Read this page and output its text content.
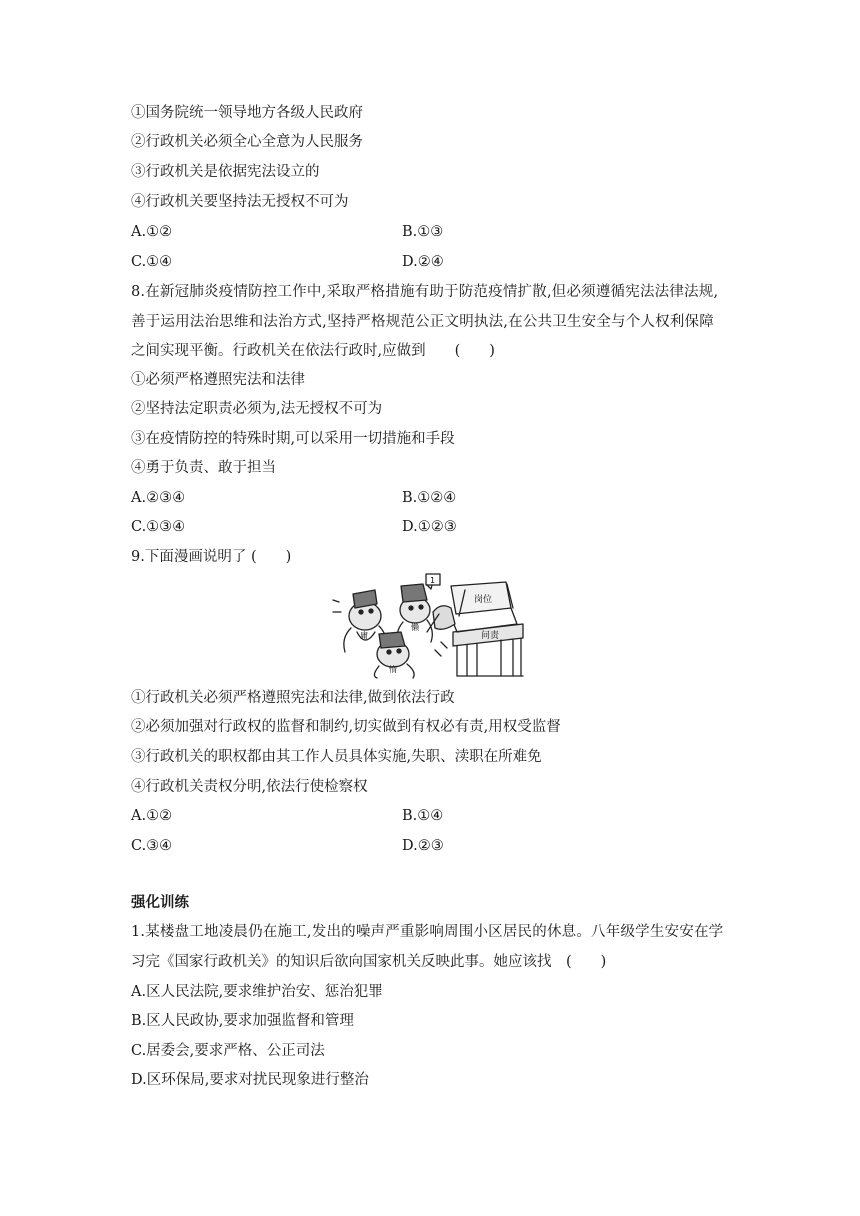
①国务院统一领导地方各级人民政府
②行政机关必须全心全意为人民服务
③行政机关是依据宪法设立的
④行政机关要坚持法无授权不可为
A.①②	B.①③
C.①④	D.②④
8.在新冠肺炎疫情防控工作中,采取严格措施有助于防范疫情扩散,但必须遵循宪法法律法规,
善于运用法治思维和法治方式,坚持严格规范公正文明执法,在公共卫生安全与个人权利保障
之间实现平衡。行政机关在依法行政时,应做到　　(　　)
①必须严格遵照宪法和法律
②坚持法定职责必须为,法无授权不可为
③在疫情防控的特殊时期,可以采用一切措施和手段
④勇于负责、敢于担当
A.②③④	B.①②④
C.①③④	D.①②③
9.下面漫画说明了 (　　)
岗位
问责
1
庸
懒
惰
①行政机关必须严格遵照宪法和法律,做到依法行政
②必须加强对行政权的监督和制约,切实做到有权必有责,用权受监督
③行政机关的职权都由其工作人员具体实施,失职、渎职在所难免
④行政机关责权分明,依法行使检察权
A.①②	B.①④
C.③④	D.②③
强化训练
1.某楼盘工地凌晨仍在施工,发出的噪声严重影响周围小区居民的休息。八年级学生安安在学
习完《国家行政机关》的知识后欲向国家机关反映此事。她应该找　(　　)
A.区人民法院,要求维护治安、惩治犯罪
B.区人民政协,要求加强监督和管理
C.居委会,要求严格、公正司法
D.区环保局,要求对扰民现象进行整治
